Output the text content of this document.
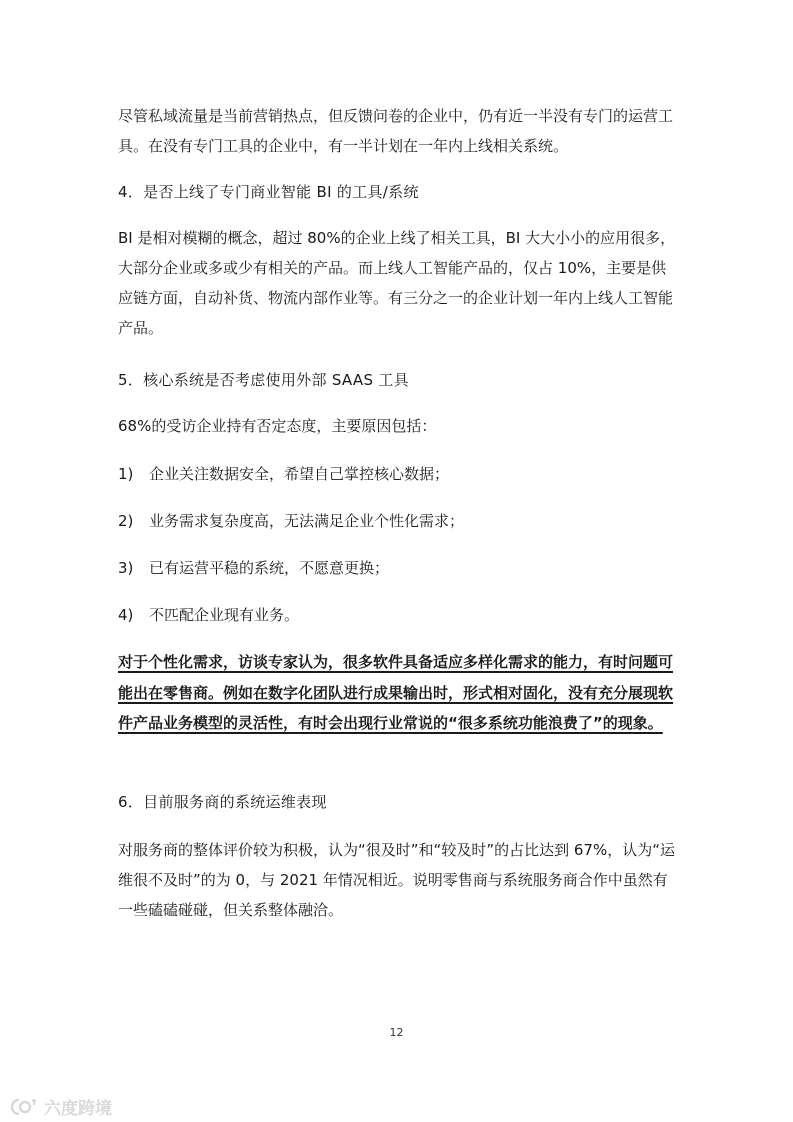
尽管私域流量是当前营销热点，但反馈问卷的企业中，仍有近一半没有专门的运营工具。在没有专门工具的企业中，有一半计划在一年内上线相关系统。

4．是否上线了专门商业智能 BI 的工具/系统

BI 是相对模糊的概念，超过 80%的企业上线了相关工具，BI 大大小小的应用很多，大部分企业或多或少有相关的产品。而上线人工智能产品的，仅占 10%，主要是供应链方面，自动补货、物流内部作业等。有三分之一的企业计划一年内上线人工智能产品。

5．核心系统是否考虑使用外部 SAAS 工具

68%的受访企业持有否定态度，主要原因包括：

1)	企业关注数据安全，希望自己掌控核心数据；
2)	业务需求复杂度高，无法满足企业个性化需求；
3)	已有运营平稳的系统，不愿意更换；
4)	不匹配企业现有业务。

对于个性化需求，访谈专家认为，很多软件具备适应多样化需求的能力，有时问题可能出在零售商。例如在数字化团队进行成果输出时，形式相对固化，没有充分展现软件产品业务模型的灵活性，有时会出现行业常说的“很多系统功能浪费了”的现象。

6．目前服务商的系统运维表现

对服务商的整体评价较为积极，认为“很及时”和“较及时”的占比达到 67%，认为“运维很不及时”的为 0，与 2021 年情况相近。说明零售商与系统服务商合作中虽然有一些磕磕碰碰，但关系整体融洽。

12
六度跨境
